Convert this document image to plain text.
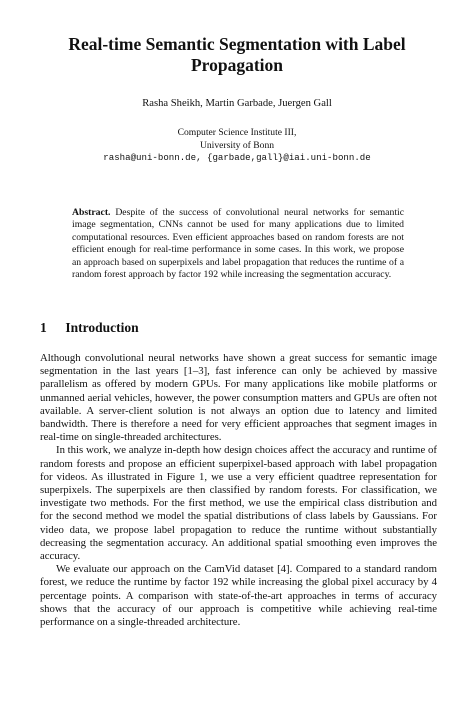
Real-time Semantic Segmentation with Label
Propagation
Rasha Sheikh, Martin Garbade, Juergen Gall
Computer Science Institute III,
University of Bonn
rasha@uni-bonn.de, {garbade,gall}@iai.uni-bonn.de
Abstract. Despite of the success of convolutional neural networks for semantic image segmentation, CNNs cannot be used for many applications due to limited computational resources. Even efficient approaches based on random forests are not efficient enough for real-time performance in some cases. In this work, we propose an approach based on superpixels and label propagation that reduces the runtime of a random forest approach by factor 192 while increasing the segmentation accuracy.
1 Introduction

Although convolutional neural networks have shown a great success for semantic image segmentation in the last years [1–3], fast inference can only be achieved by massive parallelism as offered by modern GPUs. For many applications like mobile platforms or unmanned aerial vehicles, however, the power consumption matters and GPUs are often not available. A server-client solution is not always an option due to latency and limited bandwidth. There is therefore a need for very efficient approaches that segment images in real-time on single-threaded architectures.

In this work, we analyze in-depth how design choices affect the accuracy and runtime of random forests and propose an efficient superpixel-based approach with label propagation for videos. As illustrated in Figure 1, we use a very efficient quadtree representation for superpixels. The superpixels are then classified by random forests. For classification, we investigate two methods. For the first method, we use the empirical class distribution and for the second method we model the spatial distributions of class labels by Gaussians. For video data, we propose label propagation to reduce the runtime without substantially decreasing the segmentation accuracy. An additional spatial smoothing even improves the accuracy.

We evaluate our approach on the CamVid dataset [4]. Compared to a standard random forest, we reduce the runtime by factor 192 while increasing the global pixel accuracy by 4 percentage points. A comparison with state-of-the-art approaches in terms of accuracy shows that the accuracy of our approach is competitive while achieving real-time performance on a single-threaded architecture.
